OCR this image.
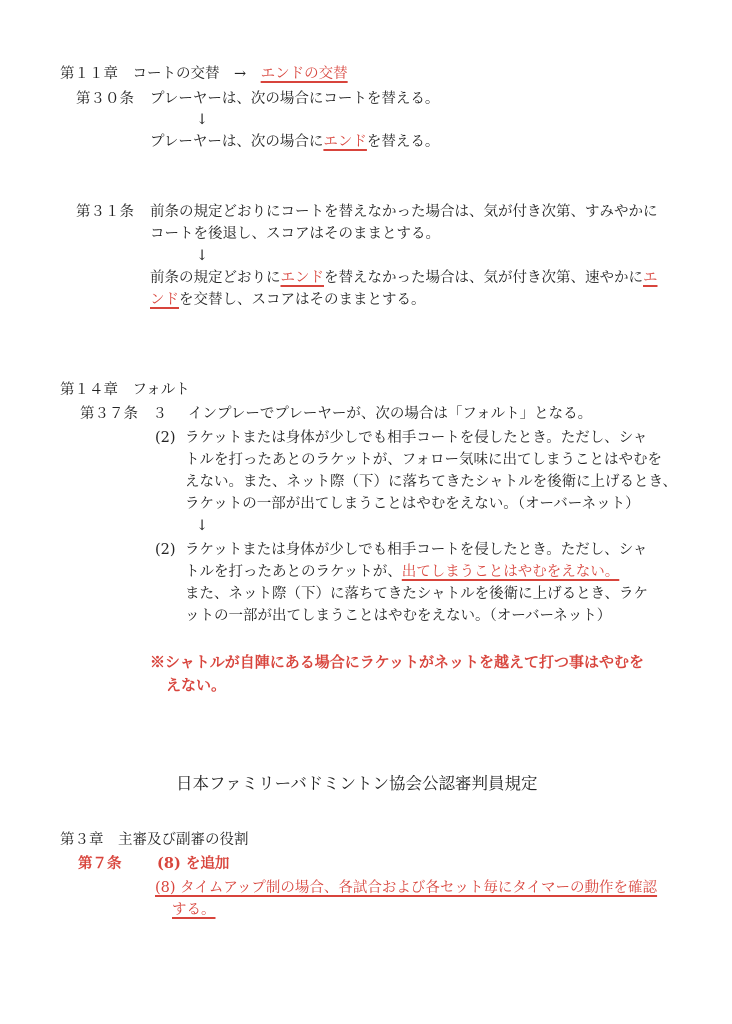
第１１章　コートの交替　→　エンドの交替
第３０条 プレーヤーは、次の場合にコートを替える。
↓
プレーヤーは、次の場合にエンドを替える。
第３１条 前条の規定どおりにコートを替えなかった場合は、気が付き次第、すみやかに
コートを後退し、スコアはそのままとする。
↓
前条の規定どおりにエンドを替えなかった場合は、気が付き次第、速やかにエ
ンドを交替し、スコアはそのままとする。
第１４章　フォルト
第３７条　３ インプレーでプレーヤーが、次の場合は「フォルト」となる。
(2) ラケットまたは身体が少しでも相手コートを侵したとき。ただし、シャ
トルを打ったあとのラケットが、フォロー気味に出てしまうことはやむを
えない。また、ネット際（下）に落ちてきたシャトルを後衛に上げるとき、
ラケットの一部が出てしまうことはやむをえない。（オーバーネット）
↓
(2) ラケットまたは身体が少しでも相手コートを侵したとき。ただし、シャ
トルを打ったあとのラケットが、出てしまうことはやむをえない。
また、ネット際（下）に落ちてきたシャトルを後衛に上げるとき、ラケ
ットの一部が出てしまうことはやむをえない。（オーバーネット）
※シャトルが自陣にある場合にラケットがネットを越えて打つ事はやむを
えない。
日本ファミリーバドミントン協会公認審判員規定
第３章　主審及び副審の役割
第７条 (8) を追加
(8) タイムアップ制の場合、各試合および各セット毎にタイマーの動作を確認
する。
